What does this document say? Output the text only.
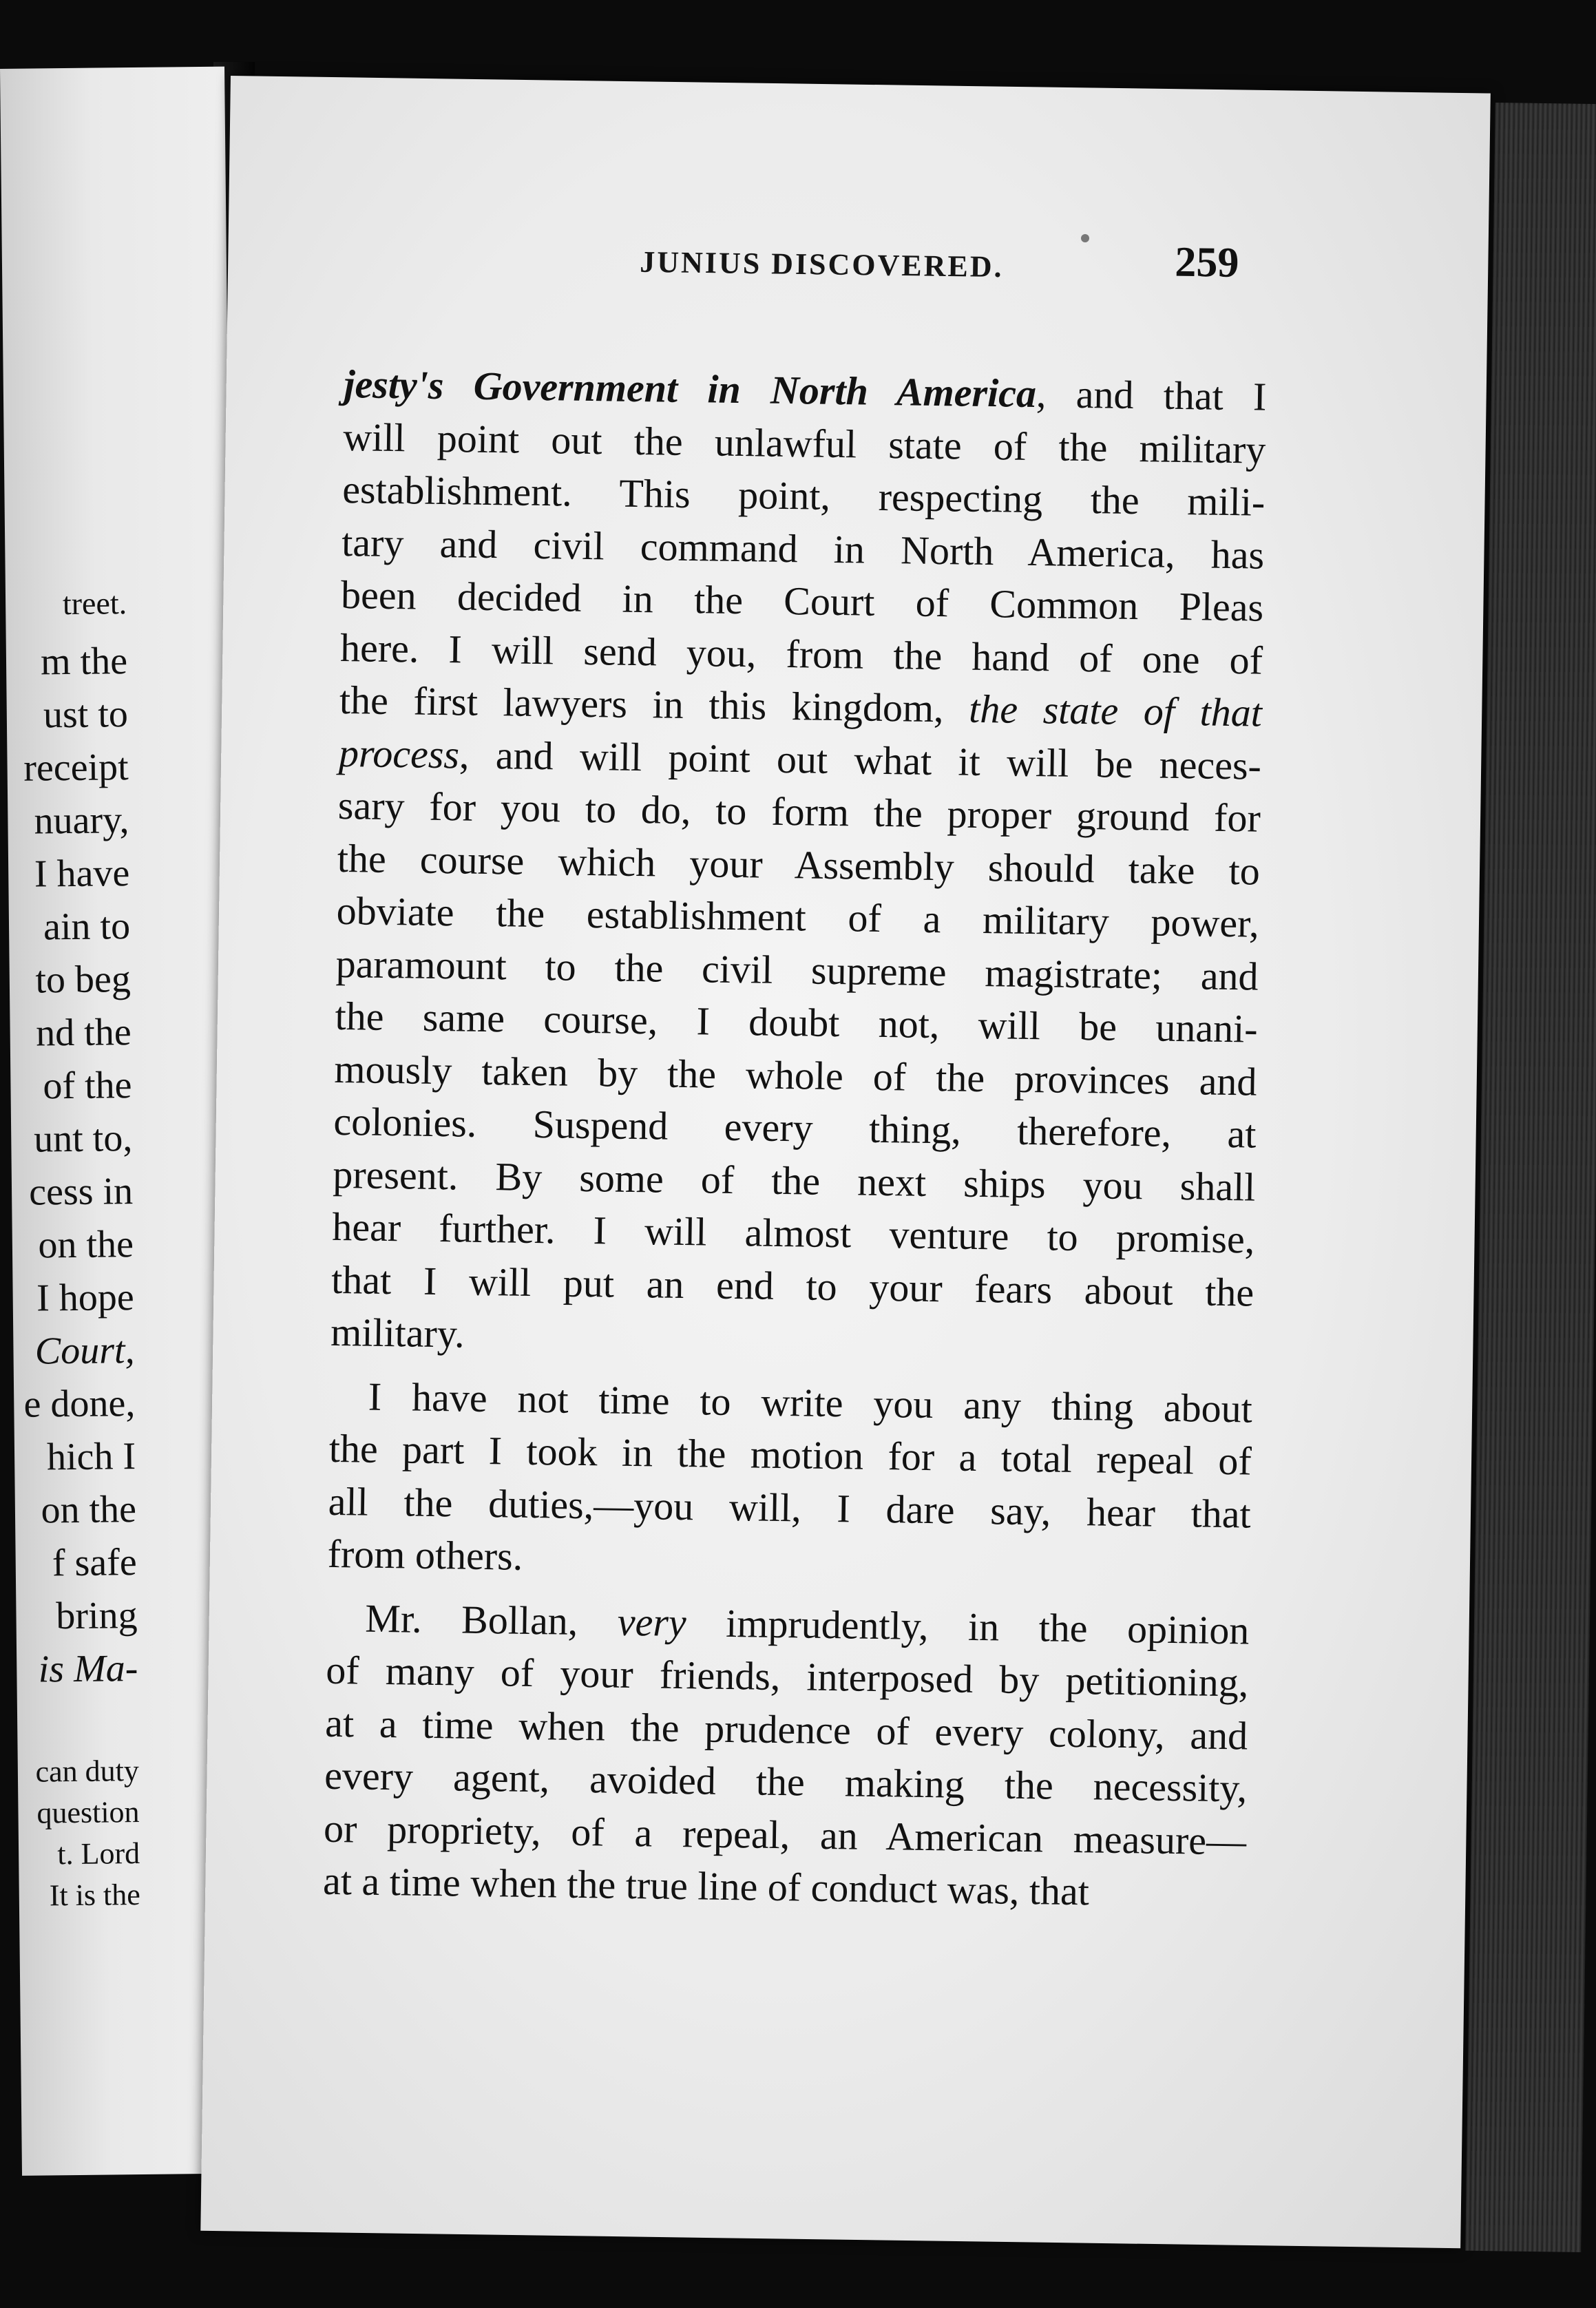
treet.
m the
ust to
receipt
nuary,
I have
ain to
to beg
nd the
of the
unt to,
cess in
on the
I hope
Court,
e done,
hich I
on the
f safe
bring
is Ma-
can duty
question
t. Lord
It is the
JUNIUS DISCOVERED.	259
jesty's Government in North America, and that I
will point out the unlawful state of the military
establishment. This point, respecting the mili-
tary and civil command in North America, has
been decided in the Court of Common Pleas
here. I will send you, from the hand of one of
the first lawyers in this kingdom, the state of that
process, and will point out what it will be neces-
sary for you to do, to form the proper ground for
the course which your Assembly should take to
obviate the establishment of a military power,
paramount to the civil supreme magistrate; and
the same course, I doubt not, will be unani-
mously taken by the whole of the provinces and
colonies. Suspend every thing, therefore, at
present. By some of the next ships you shall
hear further. I will almost venture to promise,
that I will put an end to your fears about the
military.
I have not time to write you any thing about
the part I took in the motion for a total repeal of
all the duties,—you will, I dare say, hear that
from others.
Mr. Bollan, very imprudently, in the opinion
of many of your friends, interposed by petitioning,
at a time when the prudence of every colony, and
every agent, avoided the making the necessity,
or propriety, of a repeal, an American measure—
at a time when the true line of conduct was, that
